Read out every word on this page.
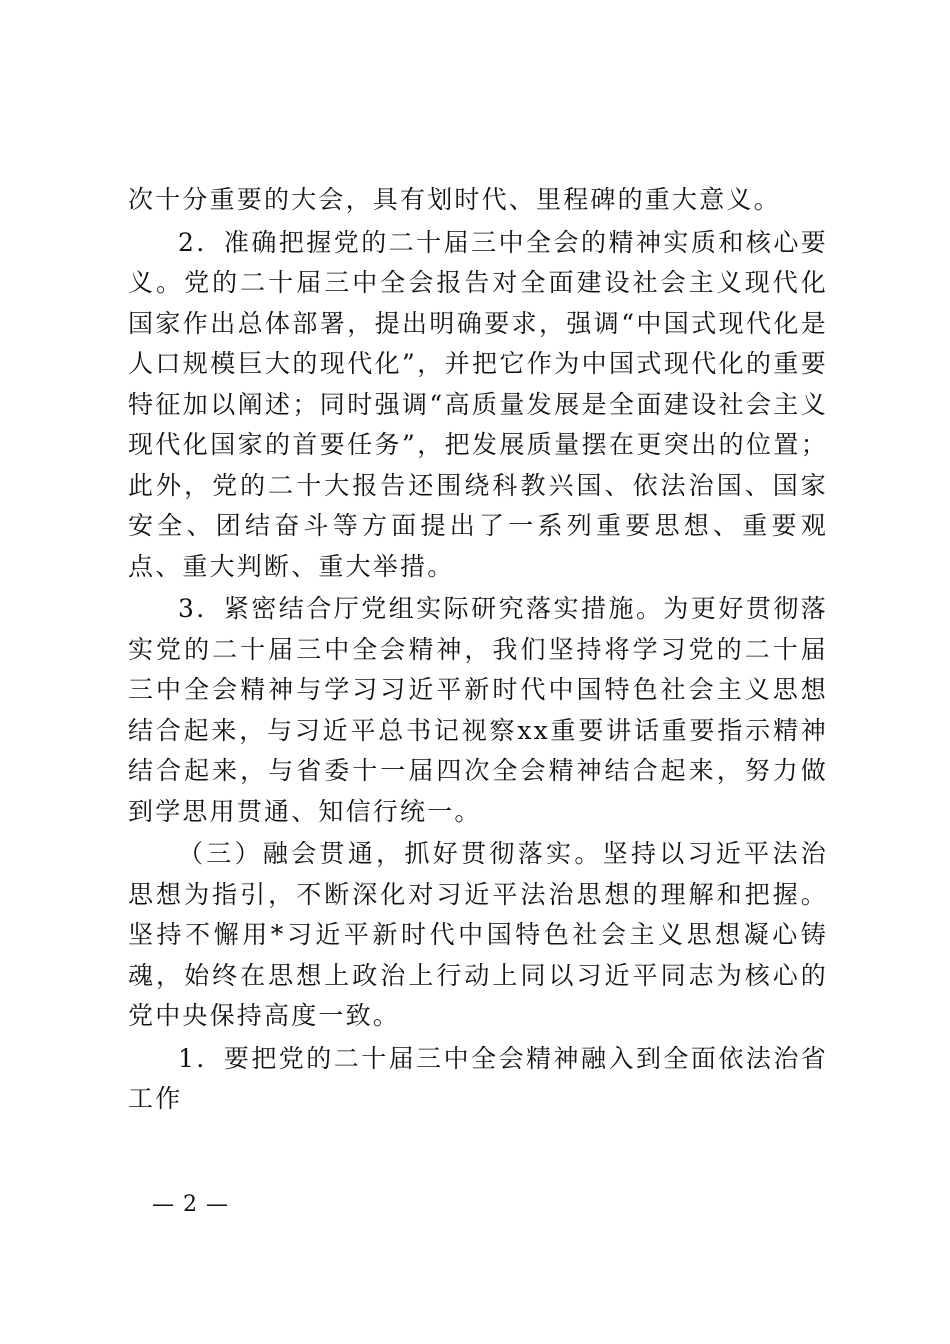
次十分重要的大会，具有划时代、里程碑的重大意义。

2．准确把握党的二十届三中全会的精神实质和核心要义。党的二十届三中全会报告对全面建设社会主义现代化国家作出总体部署，提出明确要求，强调“中国式现代化是人口规模巨大的现代化”，并把它作为中国式现代化的重要特征加以阐述；同时强调“高质量发展是全面建设社会主义现代化国家的首要任务”，把发展质量摆在更突出的位置；此外，党的二十大报告还围绕科教兴国、依法治国、国家安全、团结奋斗等方面提出了一系列重要思想、重要观点、重大判断、重大举措。

3．紧密结合厅党组实际研究落实措施。为更好贯彻落实党的二十届三中全会精神，我们坚持将学习党的二十届三中全会精神与学习习近平新时代中国特色社会主义思想结合起来，与习近平总书记视察xx重要讲话重要指示精神结合起来，与省委十一届四次全会精神结合起来，努力做到学思用贯通、知信行统一。

（三）融会贯通，抓好贯彻落实。坚持以习近平法治思想为指引，不断深化对习近平法治思想的理解和把握。坚持不懈用*习近平新时代中国特色社会主义思想凝心铸魂，始终在思想上政治上行动上同以习近平同志为核心的党中央保持高度一致。

1．要把党的二十届三中全会精神融入到全面依法治省工作

— 2 —
